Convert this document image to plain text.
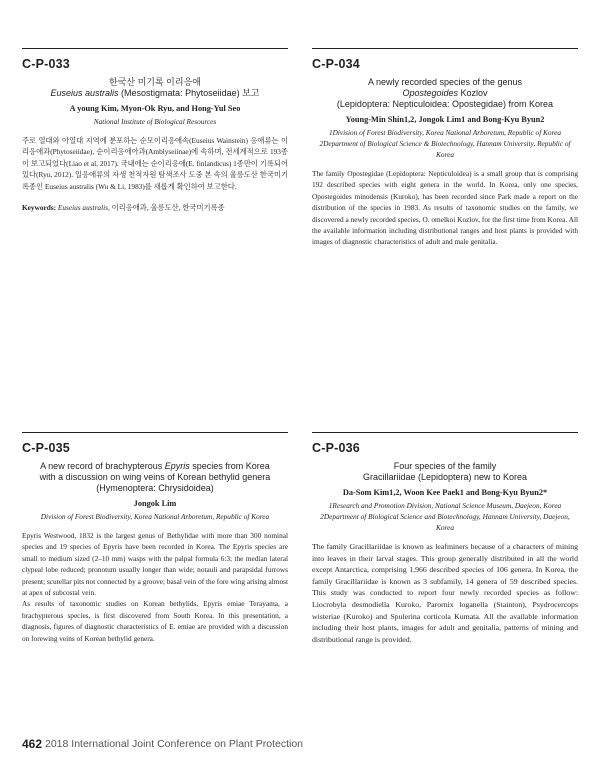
C-P-033
한국산 미기록 이리응애
Euseius australis (Mesostigmata: Phytoseiidae) 보고
A young Kim, Myon-Ok Ryu, and Hong-Yul Seo
National Institute of Biological Resources

주로 열대와 아열대 지역에 분포하는 순모이리응애속(Euseius Wainstein) 응애류는 이리응애과(Phytoseiidae), 순이리응애아과(Amblyseiinae)에 속하며, 전세계적으로 193종이 보고되었다(Liao et al, 2017). 국내에는 순이리응애(E. finlandicus) 1종만이 기록되어 있다(Ryu, 2012). 일응애류의 자생 천적자원 탐색조사 도중 본 속의 울릉도산 한국미기록종인 Euseius australis (Wu & Li, 1983)를 새롭게 확인하여 보고한다.

Keywords: Euseius australis, 이리응애과, 울릉도산, 한국미기록종
C-P-034
A newly recorded species of the genus
Opostegoides Kozlov
(Lepidoptera: Nepticuloidea: Opostegidae) from Korea
Young-Min Shin1,2, Jongok Lim1 and Bong-Kyu Byun2
1Division of Forest Biodiversity, Korea National Arboretum, Republic of Korea
2Department of Biological Science & Biotechnology, Hannam University, Republic of Korea

The family Opostegidae (Lepidoptera: Nepticuloidea) is a small group that is comprising 192 described species with eight genera in the world. In Korea, only one species, Opostegoides minodensis (Kuroko), has been recorded since Park made a report on the distribution of the species in 1983. As results of taxonomic studies on the family, we discovered a newly recorded species, O. omelkoi Kozlov, for the first time from Korea. All the available information including distributional ranges and host plants is provided with images of diagnostic characteristics of adult and male genitalia.

C-P-035
A new record of brachypterous Epyris species from Korea
with a discussion on wing veins of Korean bethylid genera
(Hymenoptera: Chrysidoidea)
Jongok Lim
Division of Forest Biodiversity, Korea National Arboretum, Republic of Korea

Epyris Westwood, 1832 is the largest genus of Bethylidae with more than 300 nominal species and 19 species of Epyris have been recorded in Korea. The Epyris species are small to medium sized (2–10 mm) wasps with the palpal formula 6:3; the median lateral clypeal lobe reduced; pronotum usually longer than wide; notauli and parapsidal furrows present; scutellar pits not connected by a groove; basal vein of the fore wing arising almost at apex of subcostal vein.

As results of taxonomic studies on Korean bethylids, Epyris emiae Terayama, a brachypterous species, is first discovered from South Korea. In this presentation, a diagnosis, figures of diagnostic characteristics of E. emiae are provided with a discussion on forewing veins of Korean bethylid genera.

C-P-036
Four species of the family
Gracillariidae (Lepidoptera) new to Korea
Da-Som Kim1,2, Woon Kee Paek1 and Bong-Kyu Byun2*
1Research and Promotion Division, National Science Museum, Daejeon, Korea
2Department of Biological Science and Biotechnology, Hannam University, Daejeon, Korea

The family Gracillariidae is known as leafminers because of a characters of mining into leaves in their larval stages. This group generally distributed in all the world except Antarctica, comprising 1,966 described species of 106 genera. In Korea, the family Gracillariidae is known as 3 subfamily, 14 genera of 59 described species. This study was conducted to report four newly recorded species as follow: Liocrobyla desmodiella Kuroko, Parornix loganella (Stainton), Psydrocercops wisteriae (Kuroko) and Spulerina corticola Kumata. All the available information including their host plants, images for adult and genitalia, patterns of mining and distributional range is provided.

462 2018 International Joint Conference on Plant Protection
